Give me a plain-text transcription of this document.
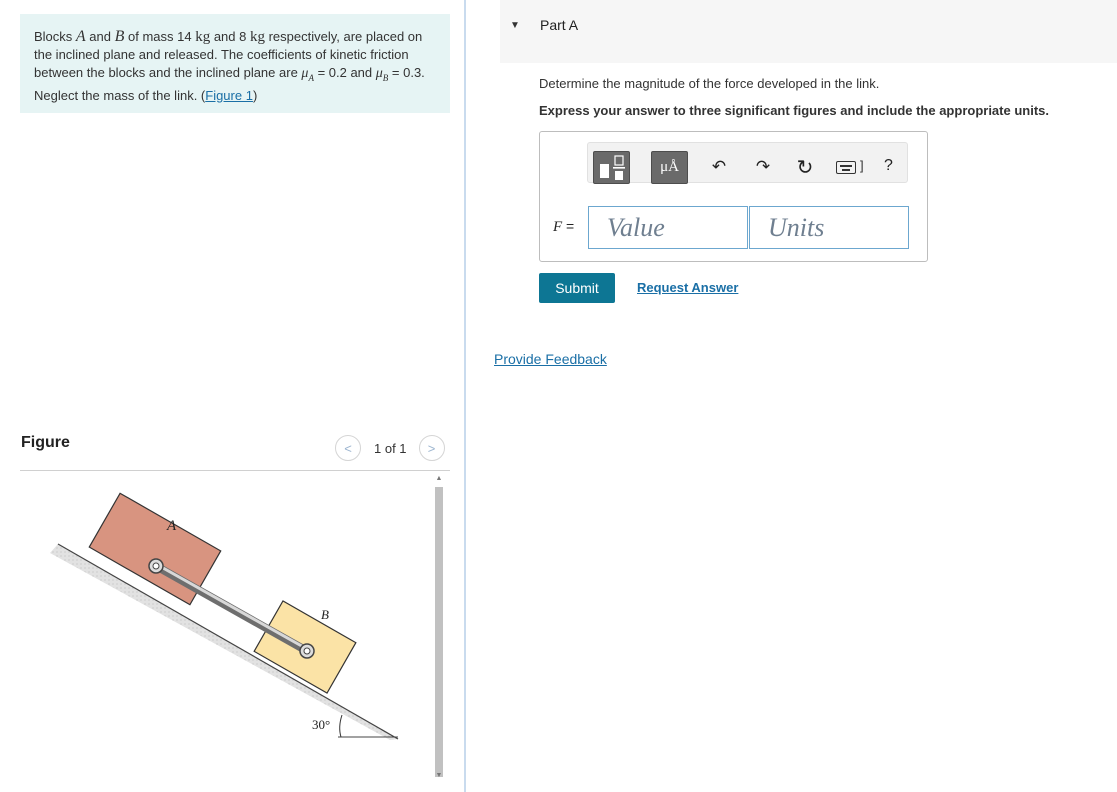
Blocks A and B of mass 14 kg and 8 kg respectively, are placed on the inclined plane and released. The coefficients of kinetic friction between the blocks and the inclined plane are $\mu_A = 0.2$ and $\mu_B = 0.3$. Neglect the mass of the link. (Figure 1)
Figure	< 1 of 1 >
30°
A
B
▲
▼
▼ Part A
Determine the magnitude of the force developed in the link.
Express your answer to three significant figures and include the appropriate units.
μÅ	↶ ↷ ↻	] ?
F =
Value
Units
Submit	Request Answer
Provide Feedback
